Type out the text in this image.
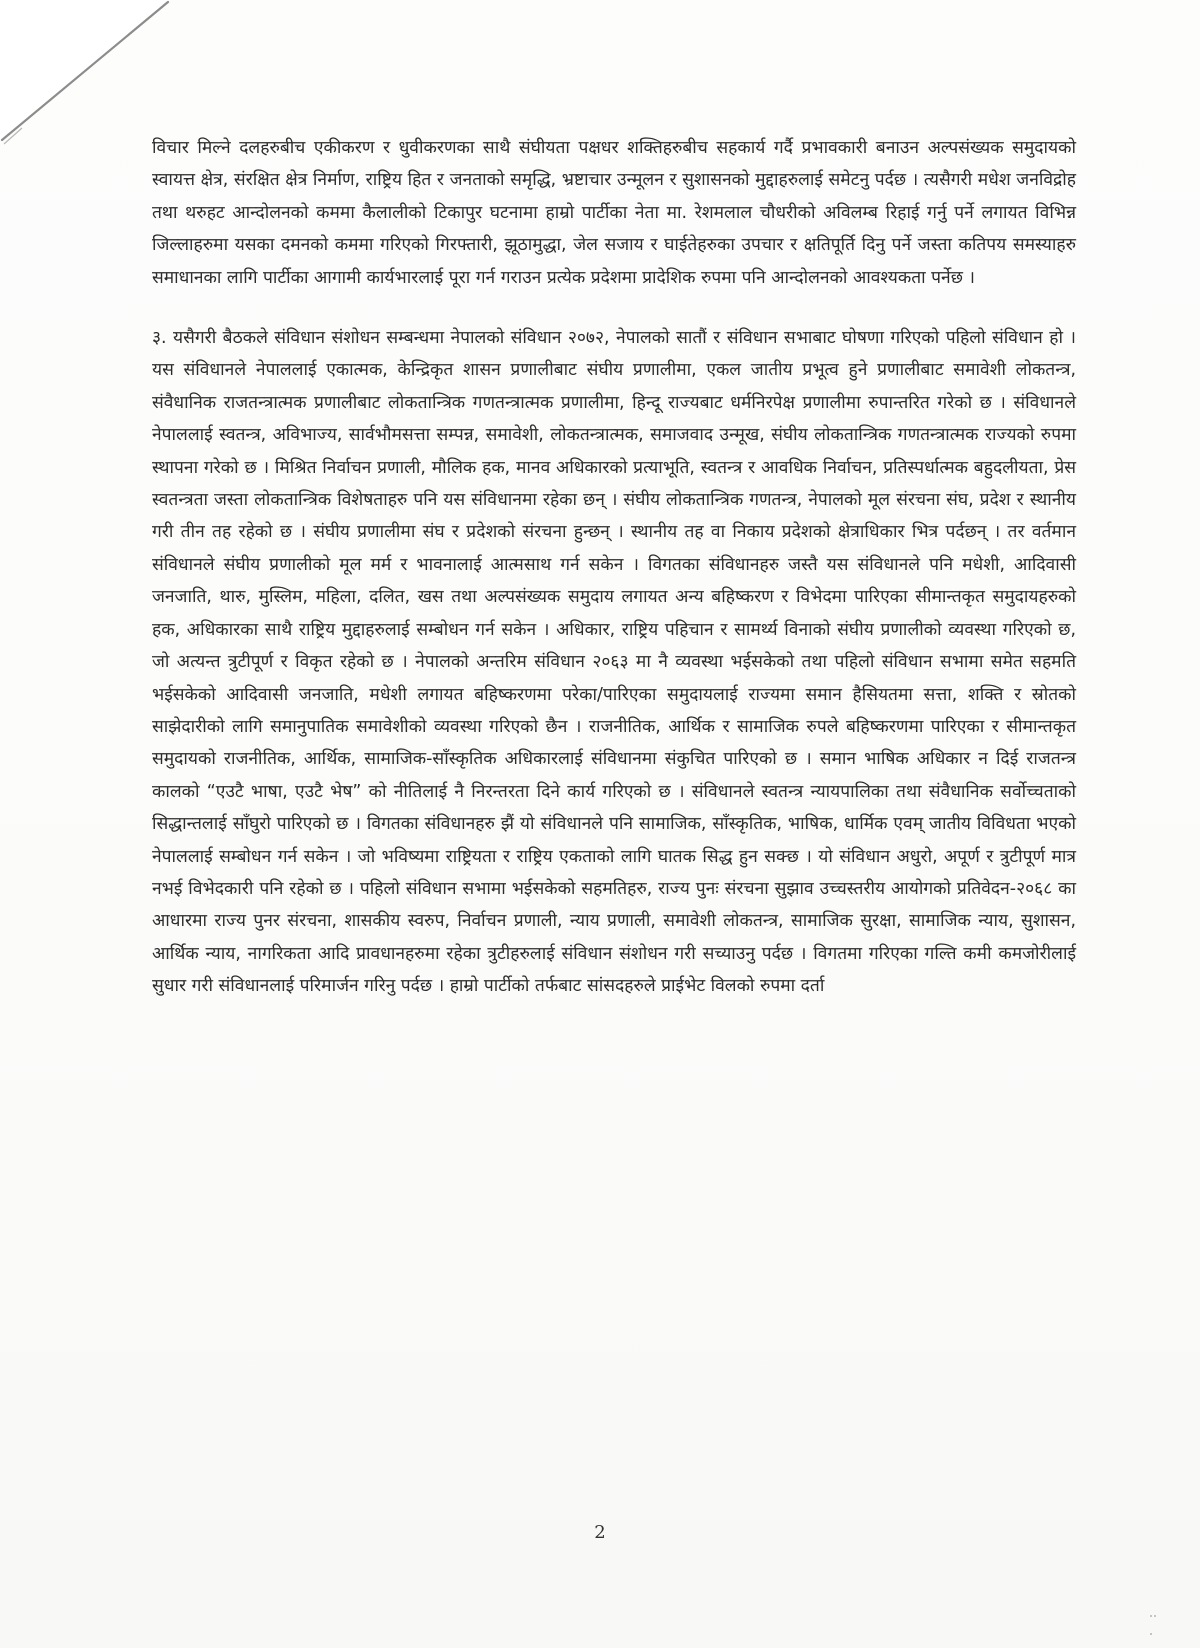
विचार मिल्ने दलहरुबीच एकीकरण र धुवीकरणका साथै संघीयता पक्षधर शक्तिहरुबीच सहकार्य गर्दै प्रभावकारी बनाउन अल्पसंख्यक समुदायको स्वायत्त क्षेत्र, संरक्षित क्षेत्र निर्माण, राष्ट्रिय हित र जनताको समृद्धि, भ्रष्टाचार उन्मूलन र सुशासनको मुद्दाहरुलाई समेटनु पर्दछ । त्यसैगरी मधेश जनविद्रोह तथा थरुहट आन्दोलनको कममा कैलालीको टिकापुर घटनामा हाम्रो पार्टीका नेता मा. रेशमलाल चौधरीको अविलम्ब रिहाई गर्नु पर्ने लगायत विभिन्न जिल्लाहरुमा यसका दमनको कममा गरिएको गिरफ्तारी, झूठामुद्धा, जेल सजाय र घाईतेहरुका उपचार र क्षतिपूर्ति दिनु पर्ने जस्ता कतिपय समस्याहरु समाधानका लागि पार्टीका आगामी कार्यभारलाई पूरा गर्न गराउन प्रत्येक प्रदेशमा प्रादेशिक रुपमा पनि आन्दोलनको आवश्यकता पर्नेछ ।

३. यसैगरी बैठकले संविधान संशोधन सम्बन्धमा नेपालको संविधान २०७२, नेपालको सातौं र संविधान सभाबाट घोषणा गरिएको पहिलो संविधान हो । यस संविधानले नेपाललाई एकात्मक, केन्द्रिकृत शासन प्रणालीबाट संघीय प्रणालीमा, एकल जातीय प्रभूत्व हुने प्रणालीबाट समावेशी लोकतन्त्र, संवैधानिक राजतन्त्रात्मक प्रणालीबाट लोकतान्त्रिक गणतन्त्रात्मक प्रणालीमा, हिन्दू राज्यबाट धर्मनिरपेक्ष प्रणालीमा रुपान्तरित गरेको छ । संविधानले नेपाललाई स्वतन्त्र, अविभाज्य, सार्वभौमसत्ता सम्पन्न, समावेशी, लोकतन्त्रात्मक, समाजवाद उन्मूख, संघीय लोकतान्त्रिक गणतन्त्रात्मक राज्यको रुपमा स्थापना गरेको छ । मिश्रित निर्वाचन प्रणाली, मौलिक हक, मानव अधिकारको प्रत्याभूति, स्वतन्त्र र आवधिक निर्वाचन, प्रतिस्पर्धात्मक बहुदलीयता, प्रेस स्वतन्त्रता जस्ता लोकतान्त्रिक विशेषताहरु पनि यस संविधानमा रहेका छन् । संघीय लोकतान्त्रिक गणतन्त्र, नेपालको मूल संरचना संघ, प्रदेश र स्थानीय गरी तीन तह रहेको छ । संघीय प्रणालीमा संघ र प्रदेशको संरचना हुन्छन् । स्थानीय तह वा निकाय प्रदेशको क्षेत्राधिकार भित्र पर्दछन् । तर वर्तमान संविधानले संघीय प्रणालीको मूल मर्म र भावनालाई आत्मसाथ गर्न सकेन । विगतका संविधानहरु जस्तै यस संविधानले पनि मधेशी, आदिवासी जनजाति, थारु, मुस्लिम, महिला, दलित, खस तथा अल्पसंख्यक समुदाय लगायत अन्य बहिष्करण र विभेदमा पारिएका सीमान्तकृत समुदायहरुको हक, अधिकारका साथै राष्ट्रिय मुद्दाहरुलाई सम्बोधन गर्न सकेन । अधिकार, राष्ट्रिय पहिचान र सामर्थ्य विनाको संघीय प्रणालीको व्यवस्था गरिएको छ, जो अत्यन्त त्रुटीपूर्ण र विकृत रहेको छ । नेपालको अन्तरिम संविधान २०६३ मा नै व्यवस्था भईसकेको तथा पहिलो संविधान सभामा समेत सहमति भईसकेको आदिवासी जनजाति, मधेशी लगायत बहिष्करणमा परेका/पारिएका समुदायलाई राज्यमा समान हैसियतमा सत्ता, शक्ति र स्रोतको साझेदारीको लागि समानुपातिक समावेशीको व्यवस्था गरिएको छैन । राजनीतिक, आर्थिक र सामाजिक रुपले बहिष्करणमा पारिएका र सीमान्तकृत समुदायको राजनीतिक, आर्थिक, सामाजिक-साँस्कृतिक अधिकारलाई संविधानमा संकुचित पारिएको छ । समान भाषिक अधिकार न दिई राजतन्त्र कालको “एउटै भाषा, एउटै भेष” को नीतिलाई नै निरन्तरता दिने कार्य गरिएको छ । संविधानले स्वतन्त्र न्यायपालिका तथा संवैधानिक सर्वोच्चताको सिद्धान्तलाई साँघुरो पारिएको छ । विगतका संविधानहरु झैं यो संविधानले पनि सामाजिक, साँस्कृतिक, भाषिक, धार्मिक एवम् जातीय विविधता भएको नेपाललाई सम्बोधन गर्न सकेन । जो भविष्यमा राष्ट्रियता र राष्ट्रिय एकताको लागि घातक सिद्ध हुन सक्छ । यो संविधान अधुरो, अपूर्ण र त्रुटीपूर्ण मात्र नभई विभेदकारी पनि रहेको छ । पहिलो संविधान सभामा भईसकेको सहमतिहरु, राज्य पुनः संरचना सुझाव उच्चस्तरीय आयोगको प्रतिवेदन-२०६८ का आधारमा राज्य पुनर संरचना, शासकीय स्वरुप, निर्वाचन प्रणाली, न्याय प्रणाली, समावेशी लोकतन्त्र, सामाजिक सुरक्षा, सामाजिक न्याय, सुशासन, आर्थिक न्याय, नागरिकता आदि प्रावधानहरुमा रहेका त्रुटीहरुलाई संविधान संशोधन गरी सच्याउनु पर्दछ । विगतमा गरिएका गल्ति कमी कमजोरीलाई सुधार गरी संविधानलाई परिमार्जन गरिनु पर्दछ । हाम्रो पार्टीको तर्फबाट सांसदहरुले प्राईभेट विलको रुपमा दर्ता

2
